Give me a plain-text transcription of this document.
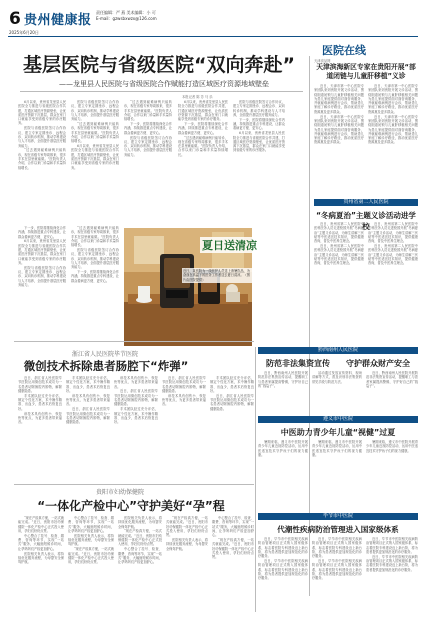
6 贵州健康报
责任编辑：严 燕 美术编辑：小 可
E-mail：gzwsbxwzx@126.com
2025年6月20日
医院在线
基层医院与省级医院“双向奔赴”
——龙里县人民医院与省级医院合作赋能打造区域医疗资源地域壁垒
本报记者 陈 芳 马 乐

6月以来，贵州省龙里县人民医院全力推进与省级医院合作共建，打通区域医疗资源壁垒，让优质医疗资源下沉基层，群众在家门口就能享受到省级专家的诊疗服务。

医院与省级医院签订合作协议，建立专家定期坐诊、远程会诊、双向转诊机制，推动学科建设与人才培养，全面提升基层医疗服务能力。

“过去遇到疑难病例只能转诊，现在省级专家每周都来，很多手术在县里就能做。”医院负责人介绍，合作以来门诊量和手术量持续增长。

医院与省级医院签订合作协议，建立专家定期坐诊、远程会诊、双向转诊机制，推动学科建设与人才培养，全面提升基层医疗服务能力。

“过去遇到疑难病例只能转诊，现在省级专家每周都来，很多手术在县里就能做。”医院负责人介绍，合作以来门诊量和手术量持续增长。

6月以来，贵州省龙里县人民医院全力推进与省级医院合作共建，打通区域医疗资源壁垒，让优质医疗资源下沉基层，群众在家门口就能享受到省级专家的诊疗服务。

“过去遇到疑难病例只能转诊，现在省级专家每周都来，很多手术在县里就能做。”医院负责人介绍，合作以来门诊量和手术量持续增长。

下一步，医院将继续深化合作内涵，持续推进重点专科建设，让群众看病更方便、更安心。

医院与省级医院签订合作协议，建立专家定期坐诊、远程会诊、双向转诊机制，推动学科建设与人才培养，全面提升基层医疗服务能力。

6月以来，贵州省龙里县人民医院全力推进与省级医院合作共建，打通区域医疗资源壁垒，让优质医疗资源下沉基层，群众在家门口就能享受到省级专家的诊疗服务。

下一步，医院将继续深化合作内涵，持续推进重点专科建设，让群众看病更方便、更安心。

“过去遇到疑难病例只能转诊，现在省级专家每周都来，很多手术在县里就能做。”医院负责人介绍，合作以来门诊量和手术量持续增长。

医院与省级医院签订合作协议，建立专家定期坐诊、远程会诊、双向转诊机制，推动学科建设与人才培养，全面提升基层医疗服务能力。

下一步，医院将继续深化合作内涵，持续推进重点专科建设，让群众看病更方便、更安心。

6月以来，贵州省龙里县人民医院全力推进与省级医院合作共建，打通区域医疗资源壁垒，让优质医疗资源下沉基层，群众在家门口就能享受到省级专家的诊疗服务。

下一步，医院将继续深化合作内涵，持续推进重点专科建设，让群众看病更方便、更安心。

6月以来，贵州省龙里县人民医院全力推进与省级医院合作共建，打通区域医疗资源壁垒，让优质医疗资源下沉基层，群众在家门口就能享受到省级专家的诊疗服务。

医院与省级医院签订合作协议，建立专家定期坐诊、远程会诊、双向转诊机制，推动学科建设与人才培养，全面提升基层医疗服务能力。

“过去遇到疑难病例只能转诊，现在省级专家每周都来，很多手术在县里就能做。”医院负责人介绍，合作以来门诊量和手术量持续增长。

医院与省级医院签订合作协议，建立专家定期坐诊、远程会诊、双向转诊机制，推动学科建设与人才培养，全面提升基层医疗服务能力。

下一步，医院将继续深化合作内涵，持续推进重点专科建设，让群众看病更方便、更安心。

夏日送清凉
近日，某医院为一线医护人员送上消暑饮品，为奋战在高温下的医务工作者送去夏日清凉。（图片由医院提供）
天津食品网
天津滨海新区专家在贵阳开展“部道闭链与儿童肝移植”义诊

近日，天津市第一中心医院专家团队来到贵阳开展义诊活动，围绕胆道闭锁与儿童肝移植相关问题为患儿家庭提供面对面咨询服务，并就疑难病例进行会诊，帮助患儿家庭了解诊疗路径，推动优质医疗资源惠及更多群众。

近日，天津市第一中心医院专家团队来到贵阳开展义诊活动，围绕胆道闭锁与儿童肝移植相关问题为患儿家庭提供面对面咨询服务，并就疑难病例进行会诊，帮助患儿家庭了解诊疗路径，推动优质医疗资源惠及更多群众。

近日，天津市第一中心医院专家团队来到贵阳开展义诊活动，围绕胆道闭锁与儿童肝移植相关问题为患儿家庭提供面对面咨询服务，并就疑难病例进行会诊，帮助患儿家庭了解诊疗路径，推动优质医疗资源惠及更多群众。

近日，天津市第一中心医院专家团队来到贵阳开展义诊活动，围绕胆道闭锁与儿童肝移植相关问题为患儿家庭提供面对面咨询服务，并就疑难病例进行会诊，帮助患儿家庭了解诊疗路径，推动优质医疗资源惠及更多群众。

贵州省第二人民医院
“冬病夏治”主题义诊活动进学校

近日，贵州省第二人民医院中医科医务人员走进校园开展“冬病夏治”主题义诊活动，为师生讲解三伏贴等中医适宜技术知识，提供健康咨询，普及中医养生理念。

近日，贵州省第二人民医院中医科医务人员走进校园开展“冬病夏治”主题义诊活动，为师生讲解三伏贴等中医适宜技术知识，提供健康咨询，普及中医养生理念。

近日，贵州省第二人民医院中医科医务人员走进校园开展“冬病夏治”主题义诊活动，为师生讲解三伏贴等中医适宜技术知识，提供健康咨询，普及中医养生理念。

近日，贵州省第二人民医院中医科医务人员走进校园开展“冬病夏治”主题义诊活动，为师生讲解三伏贴等中医适宜技术知识，提供健康咨询，普及中医养生理念。

黔西南州人民医院
防范非法集资宣传	守护群众财产安全

近日，黔西南州人民医院开展防范非法集资宣传活动，提醒职工与患者家属提高警惕，守护好自己的“钱袋子”。

活动通过发放宣传资料、现场讲解等方式，普及识别非法集资的常见手段与防范方法。

近日，黔西南州人民医院开展防范非法集资宣传活动，提醒职工与患者家属提高警惕，守护好自己的“钱袋子”。

遵义市中医院
中医助力青少年儿童“视健”过夏

暑期来临，遵义市中医院开展青少年儿童近视防控活动，运用中医适宜技术守护孩子们的视力健康。

暑期来临，遵义市中医院开展青少年儿童近视防控活动，运用中医适宜技术守护孩子们的视力健康。

暑期来临，遵义市中医院开展青少年儿童近视防控活动，运用中医适宜技术守护孩子们的视力健康。

毕节市中医院
代潮性疾病防治管理进入国家级体系

近日，毕节市中医院相关疾病防治管理项目正式纳入国家级体系，标志着医院专科建设迈上新台阶，将为患者提供更加规范化的诊疗服务。

近日，毕节市中医院相关疾病防治管理项目正式纳入国家级体系，标志着医院专科建设迈上新台阶，将为患者提供更加规范化的诊疗服务。

近日，毕节市中医院相关疾病防治管理项目正式纳入国家级体系，标志着医院专科建设迈上新台阶，将为患者提供更加规范化的诊疗服务。

近日，毕节市中医院相关疾病防治管理项目正式纳入国家级体系，标志着医院专科建设迈上新台阶，将为患者提供更加规范化的诊疗服务。

近日，毕节市中医院相关疾病防治管理项目正式纳入国家级体系，标志着医院专科建设迈上新台阶，将为患者提供更加规范化的诊疗服务。

近日，毕节市中医院相关疾病防治管理项目正式纳入国家级体系，标志着医院专科建设迈上新台阶，将为患者提供更加规范化的诊疗服务。

浙江省人民医院毕节医院
微创技术拆除患者肠腔下“炸弹”

近日，浙江省人民医院毕节医院运用微创技术成功为一名患者切除肠腔内肿物，解除健康隐患。

手术团队经过充分评估，制定个性化方案，术中操作精准、出血少，患者术后恢复良好。

该技术具有创伤小、恢复快等优点，为更多患者带来福音。

手术团队经过充分评估，制定个性化方案，术中操作精准、出血少，患者术后恢复良好。

该技术具有创伤小、恢复快等优点，为更多患者带来福音。

近日，浙江省人民医院毕节医院运用微创技术成功为一名患者切除肠腔内肿物，解除健康隐患。

该技术具有创伤小、恢复快等优点，为更多患者带来福音。

近日，浙江省人民医院毕节医院运用微创技术成功为一名患者切除肠腔内肿物，解除健康隐患。

手术团队经过充分评估，制定个性化方案，术中操作精准、出血少，患者术后恢复良好。

近日，浙江省人民医院毕节医院运用微创技术成功为一名患者切除肠腔内肿物，解除健康隐患。

该技术具有创伤小、恢复快等优点，为更多患者带来福音。

手术团队经过充分评估，制定个性化方案，术中操作精准、出血少，患者术后恢复良好。

近日，浙江省人民医院毕节医院运用微创技术成功为一名患者切除肠腔内肿物，解除健康隐患。

贵阳市妇幼保健院
“一体化产检中心”守护美好“孕”程

“现在产检真方便，一站式就能完成。”近日，贵阳市妇幼保健院一体化产检中心正式投入使用，孕妇们纷纷点赞。

中心整合了挂号、检查、缴费、咨询等环节，实现“一站式”服务，大幅缩短候诊时间，让孕妈妈们产检更加舒心。

医院相关负责人表示，将持续优化服务流程，为母婴安全保驾护航。

中心整合了挂号、检查、缴费、咨询等环节，实现“一站式”服务，大幅缩短候诊时间，让孕妈妈们产检更加舒心。

医院相关负责人表示，将持续优化服务流程，为母婴安全保驾护航。

“现在产检真方便，一站式就能完成。”近日，贵阳市妇幼保健院一体化产检中心正式投入使用，孕妇们纷纷点赞。

医院相关负责人表示，将持续优化服务流程，为母婴安全保驾护航。

“现在产检真方便，一站式就能完成。”近日，贵阳市妇幼保健院一体化产检中心正式投入使用，孕妇们纷纷点赞。

中心整合了挂号、检查、缴费、咨询等环节，实现“一站式”服务，大幅缩短候诊时间，让孕妈妈们产检更加舒心。

“现在产检真方便，一站式就能完成。”近日，贵阳市妇幼保健院一体化产检中心正式投入使用，孕妇们纷纷点赞。

医院相关负责人表示，将持续优化服务流程，为母婴安全保驾护航。

中心整合了挂号、检查、缴费、咨询等环节，实现“一站式”服务，大幅缩短候诊时间，让孕妈妈们产检更加舒心。

“现在产检真方便，一站式就能完成。”近日，贵阳市妇幼保健院一体化产检中心正式投入使用，孕妇们纷纷点赞。
